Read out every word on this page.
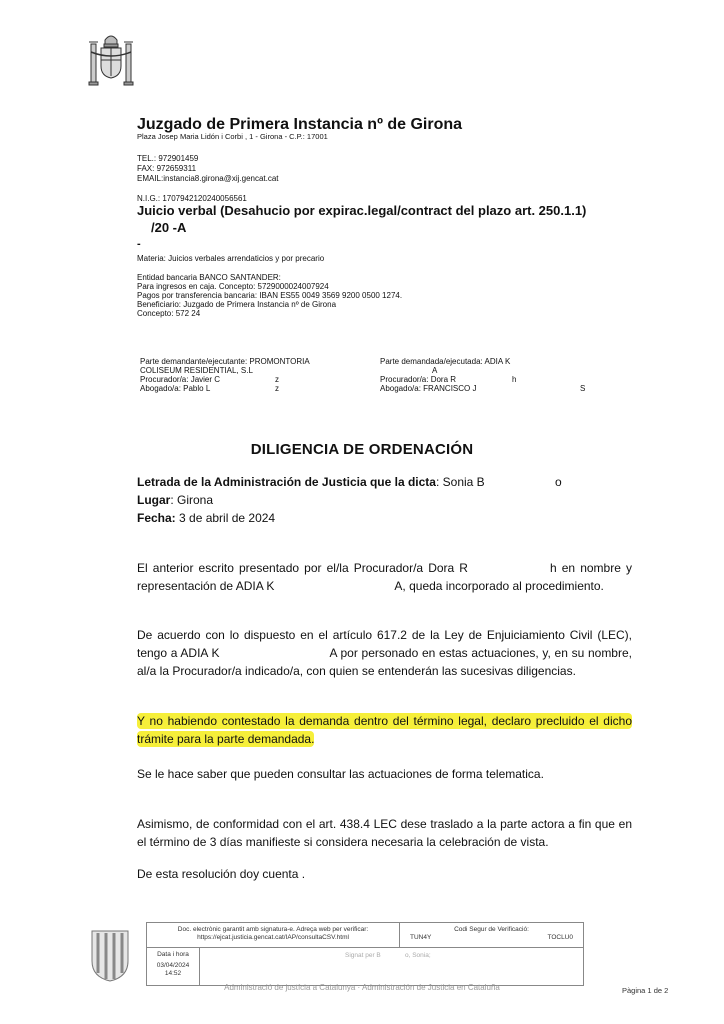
Juzgado de Primera Instancia nº de Girona
Plaza Josep Maria Lidón i Corbi , 1 - Girona - C.P.: 17001
TEL.: 972901459
FAX: 972659311
EMAIL:instancia8.girona@xij.gencat.cat
N.I.G.: 1707942120240056561
Juicio verbal (Desahucio por expirac.legal/contract del plazo art. 250.1.1)
/20 -A
-
Materia: Juicios verbales arrendaticios y por precario
Entidad bancaria BANCO SANTANDER:
Para ingresos en caja. Concepto: 5729000024007924
Pagos por transferencia bancaria: IBAN ES55 0049 3569 9200 0500 1274.
Beneficiario: Juzgado de Primera Instancia nº de Girona
Concepto: 572 24
Parte demandante/ejecutante: PROMONTORIA
COLISEUM RESIDENTIAL, S.L
Procurador/a: Javier C	z
Abogado/a: Pablo L	z
Parte demandada/ejecutada: ADIA K
A
Procurador/a: Dora R	h
Abogado/a: FRANCISCO J	S
DILIGENCIA DE ORDENACIÓN
Letrada de la Administración de Justicia que la dicta: Sonia B	o
Lugar: Girona
Fecha: 3 de abril de 2024
El anterior escrito presentado por el/la Procurador/a Dora R	h en nombre y representación de ADIA K	A, queda incorporado al procedimiento.
De acuerdo con lo dispuesto en el artículo 617.2 de la Ley de Enjuiciamiento Civil (LEC), tengo a ADIA K	A por personado en estas actuaciones, y, en su nombre, al/a la Procurador/a indicado/a, con quien se entenderán las sucesivas diligencias.
Y no habiendo contestado la demanda dentro del término legal, declaro precluido el dicho trámite para la parte demandada.
Se le hace saber que pueden consultar las actuaciones de forma telematica.
Asimismo, de conformidad con el art. 438.4 LEC dese traslado a la parte actora a fin que en el término de 3 días manifieste si considera necesaria la celebración de vista.
De esta resolución doy cuenta .
Doc. electrònic garantit amb signatura-e. Adreça web per verificar:
https://ejcat.justicia.gencat.cat/IAP/consultaCSV.html
Codi Segur de Verificació:
TUN4Y	TOCLU0
Data i hora
03/04/2024
14:52
Signat per B	o, Sonia;
Administració de justícia a Catalunya · Administración de Justicia en Cataluña	Pàgina 1 de 2
